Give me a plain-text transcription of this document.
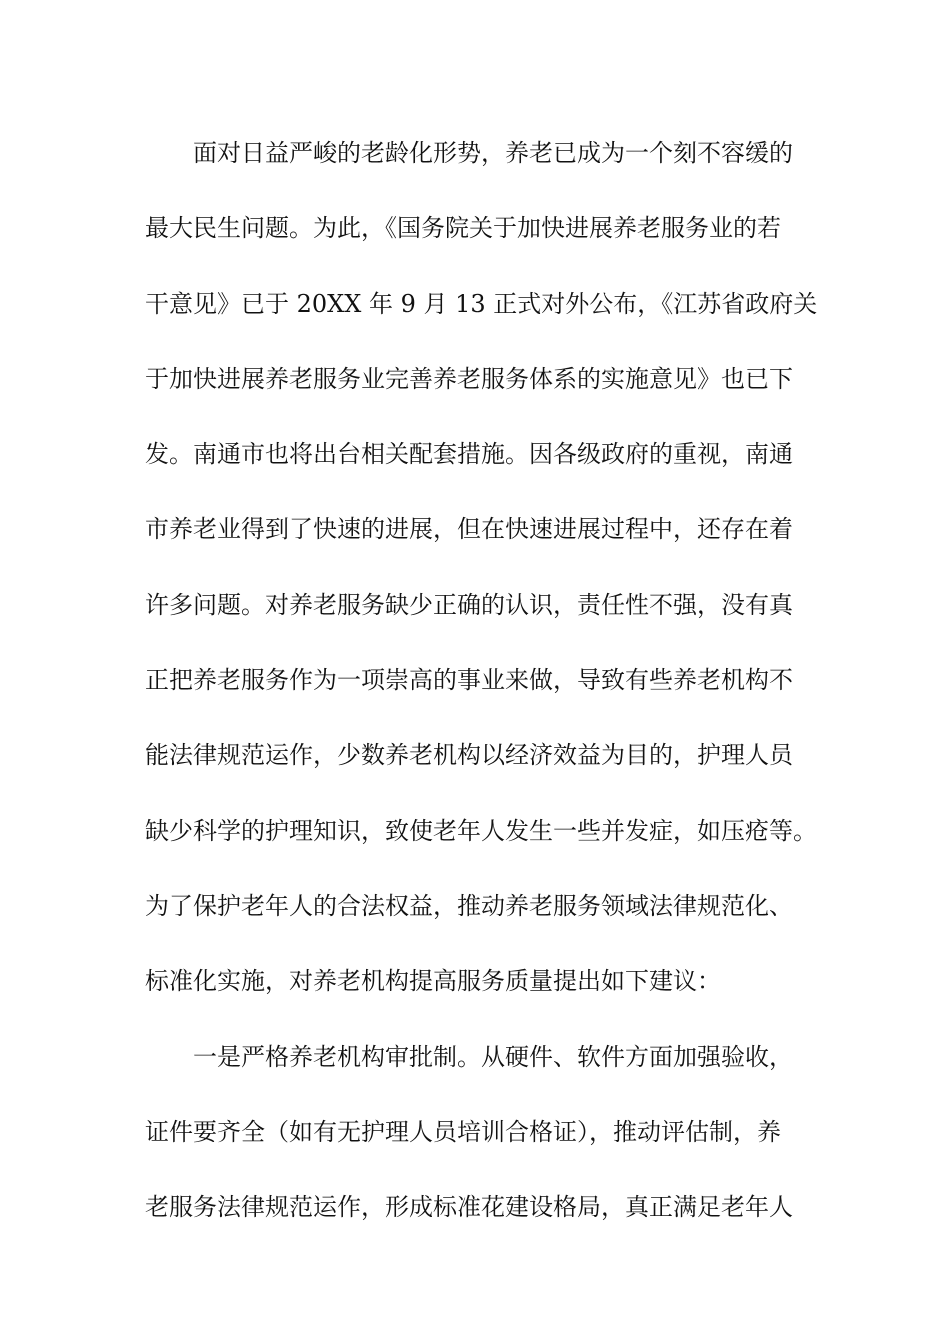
面对日益严峻的老龄化形势，养老已成为一个刻不容缓的
最大民生问题。为此，《国务院关于加快进展养老服务业的若
干意见》已于 20XX 年 9 月 13 正式对外公布，《江苏省政府关
于加快进展养老服务业完善养老服务体系的实施意见》也已下
发。南通市也将出台相关配套措施。因各级政府的重视，南通
市养老业得到了快速的进展，但在快速进展过程中，还存在着
许多问题。对养老服务缺少正确的认识，责任性不强，没有真
正把养老服务作为一项崇高的事业来做，导致有些养老机构不
能法律规范运作，少数养老机构以经济效益为目的，护理人员
缺少科学的护理知识，致使老年人发生一些并发症，如压疮等。
为了保护老年人的合法权益，推动养老服务领域法律规范化、
标准化实施，对养老机构提高服务质量提出如下建议：
一是严格养老机构审批制。从硬件、软件方面加强验收，
证件要齐全（如有无护理人员培训合格证），推动评估制，养
老服务法律规范运作，形成标准花建设格局，真正满足老年人
